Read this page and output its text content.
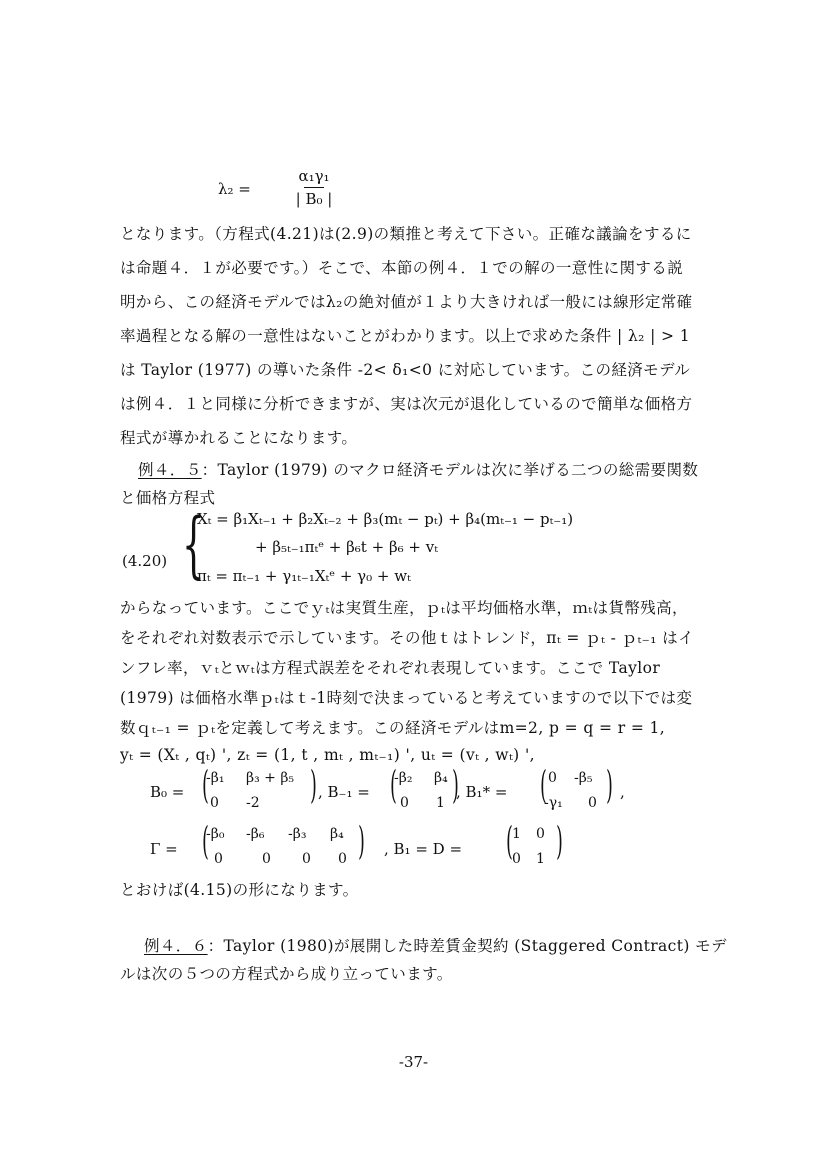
λ₂ =
α₁γ₁
| B₀ |
となります。（方程式(4.21)は(2.9)の類推と考えて下さい。正確な議論をするに
は命題４．１が必要です。）そこで、本節の例４．１での解の一意性に関する説
明から、この経済モデルではλ₂の絶対値が１より大きければ一般には線形定常確
率過程となる解の一意性はないことがわかります。以上で求めた条件 | λ₂ | > 1
は Taylor (1977) の導いた条件 -2< δ₁<0 に対応しています。この経済モデル
は例４．１と同様に分析できますが、実は次元が退化しているので簡単な価格方
程式が導かれることになります。
例４．５：Taylor (1979) のマクロ経済モデルは次に挙げる二つの総需要関数
と価格方程式
(4.20) {
Xₜ = β₁Xₜ₋₁ + β₂Xₜ₋₂ + β₃(mₜ − pₜ) + β₄(mₜ₋₁ − pₜ₋₁)
+ β₅ₜ₋₁πₜᵉ + β₆t + β₆ + vₜ
πₜ = πₜ₋₁ + γ₁ₜ₋₁Xₜᵉ + γ₀ + wₜ
からなっています。ここでｙₜは実質生産，ｐₜは平均価格水準，ｍₜは貨幣残高，
をそれぞれ対数表示で示しています。その他ｔはトレンド，πₜ = ｐₜ - ｐₜ₋₁ はイ
ンフレ率，ｖₜとｗₜは方程式誤差をそれぞれ表現しています。ここで Taylor
(1979) は価格水準ｐₜはｔ-1時刻で決まっていると考えていますので以下では変
数ｑₜ₋₁ = ｐₜを定義して考えます。この経済モデルはm=2, p = q = r = 1,
yₜ = (Xₜ , qₜ) ', zₜ = (1, t , mₜ , mₜ₋₁) ', uₜ = (vₜ , wₜ) ',
B₀ = (
-β₁ β₃ + β₅
0 -2 ) , B₋₁ = (
-β₂ β₄
0 1 )
, B₁* = ( 0 -β₅
-γ₁ 0 ) ,
Γ = (
-β₀ -β₆ -β₃ β₄
0	0 0 0 ) , B₁ = D = ( 1 0
0 1 )
とおけば(4.15)の形になります。
例４．６：Taylor (1980)が展開した時差賃金契約 (Staggered Contract) モデ
ルは次の５つの方程式から成り立っています。
-37-
